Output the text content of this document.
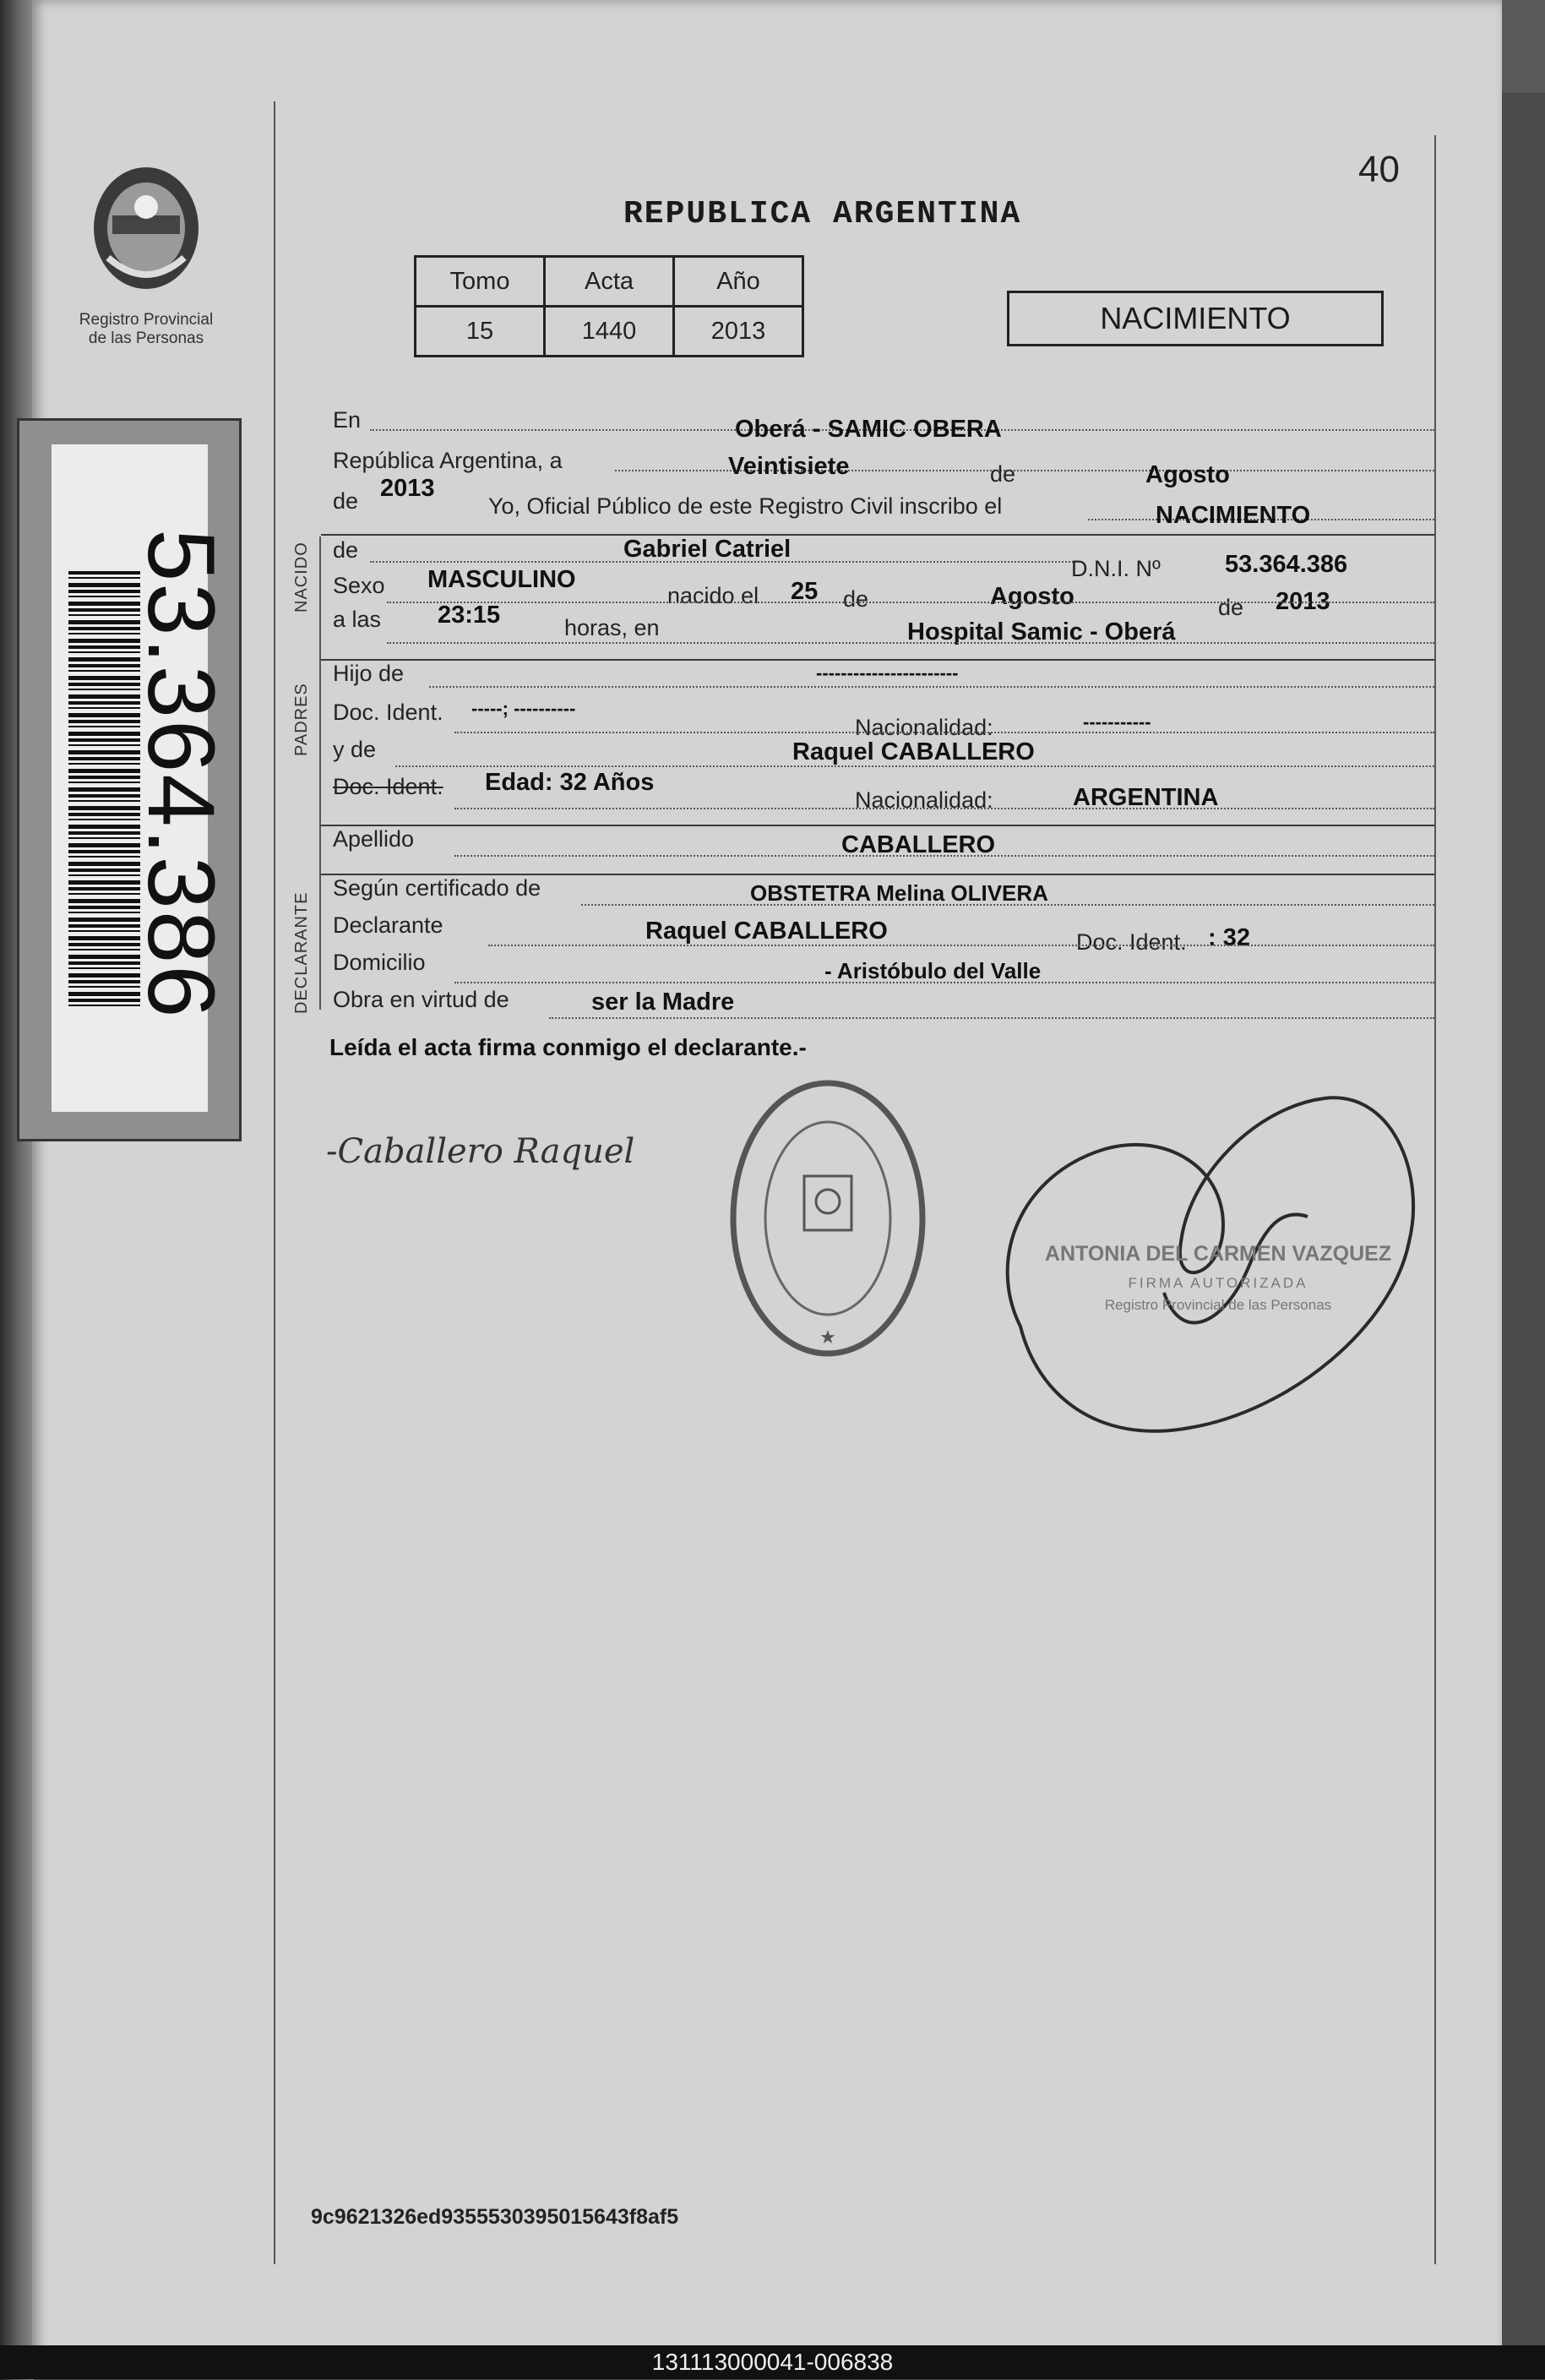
40
Registro Provincial
de las Personas
REPUBLICA ARGENTINA
Tomo	Acta	Año
15	1440	2013	NACIMIENTO
53.364.386	NACIDO
PADRES
DECLARANTE
En	Oberá - SAMIC OBERA
República Argentina, a	Veintisiete	de	Agosto
de 2013
Yo, Oficial Público de este Registro Civil inscribo el	NACIMIENTO
de	Gabriel Catriel
D.N.I. Nº	53.364.386
Sexo MASCULINO
nacido el 25 de	Agosto	de 2013
a las 23:15	horas, en	Hospital Samic - Oberá
Hijo de	-----------------------
Doc. Ident. -----; ----------
Nacionalidad:	-----------
y de	Raquel CABALLERO
Doc. Ident. Edad: 32 Años
Nacionalidad:	ARGENTINA
Apellido	CABALLERO
Según certificado de	OBSTETRA Melina OLIVERA
Declarante	Raquel CABALLERO	Doc. Ident. : 32
Domicilio	- Aristóbulo del Valle
Obra en virtud de	ser la Madre
Leída el acta firma conmigo el declarante.-
-Caballero Raquel
★
ANTONIA DEL CARMEN VAZQUEZ
FIRMA AUTORIZADA
Registro Provincial de las Personas
9c9621326ed9355530395015643f8af5
131113000041-006838
